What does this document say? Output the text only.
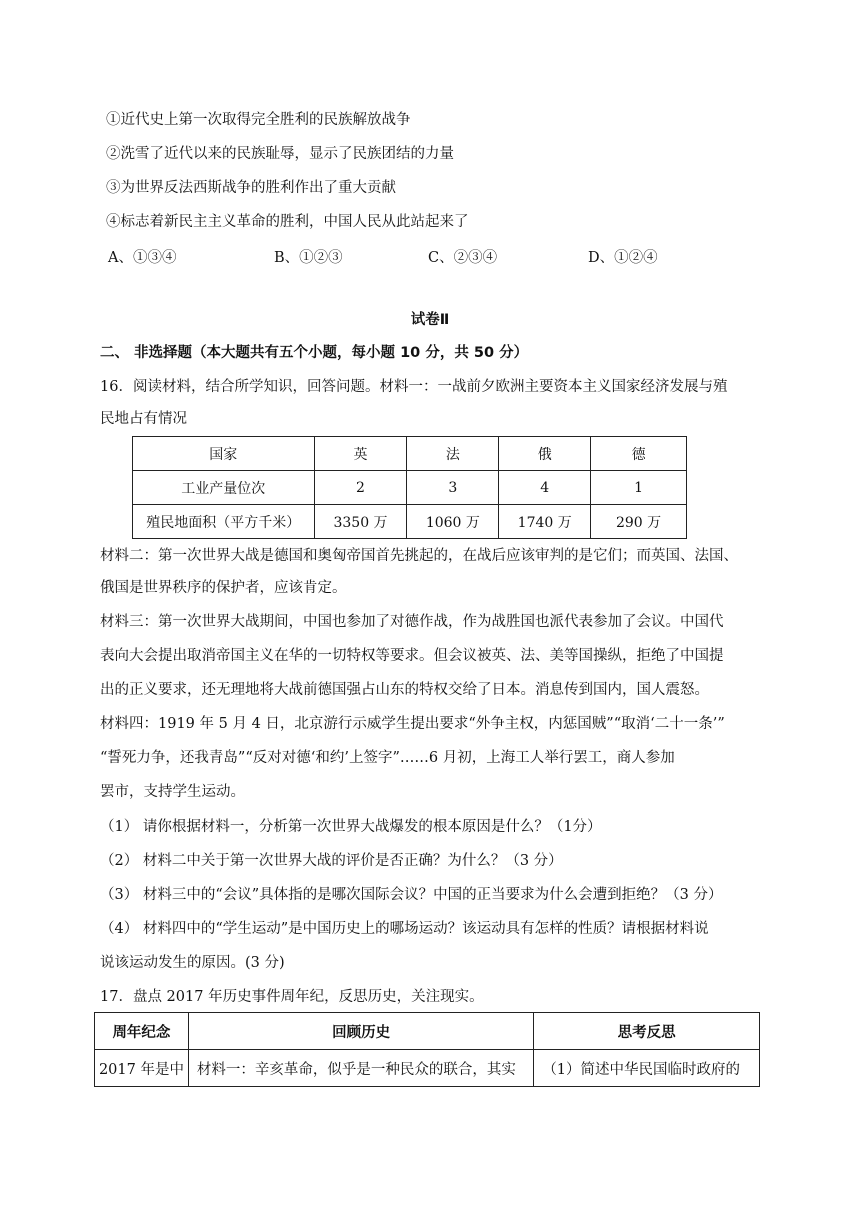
①近代史上第一次取得完全胜利的民族解放战争
②洗雪了近代以来的民族耻辱，显示了民族团结的力量
③为世界反法西斯战争的胜利作出了重大贡献
④标志着新民主主义革命的胜利，中国人民从此站起来了
A、①③④	B、①②③	C、②③④	D、①②④
试卷Ⅱ
二、 非选择题（本大题共有五个小题，每小题 10 分，共 50 分）
16．阅读材料，结合所学知识，回答问题。材料一：一战前夕欧洲主要资本主义国家经济发展与殖
民地占有情况
国家	英	法	俄	德
工业产量位次	2	3	4	1
殖民地面积（平方千米）	3350 万	1060 万	1740 万	290 万
材料二：第一次世界大战是德国和奥匈帝国首先挑起的，在战后应该审判的是它们；而英国、法国、
俄国是世界秩序的保护者，应该肯定。
材料三：第一次世界大战期间，中国也参加了对德作战，作为战胜国也派代表参加了会议。中国代
表向大会提出取消帝国主义在华的一切特权等要求。但会议被英、法、美等国操纵，拒绝了中国提
出的正义要求，还无理地将大战前德国强占山东的特权交给了日本。消息传到国内，国人震怒。
材料四：1919 年 5 月 4 日，北京游行示威学生提出要求“外争主权，内惩国贼”“取消‘二十一条’”
“誓死力争，还我青岛”“反对对德‘和约’上签字”……6 月初，上海工人举行罢工，商人参加
罢市，支持学生运动。
（1） 请你根据材料一，分析第一次世界大战爆发的根本原因是什么？（1分）
（2） 材料二中关于第一次世界大战的评价是否正确？为什么？（3 分）
（3） 材料三中的“会议”具体指的是哪次国际会议？中国的正当要求为什么会遭到拒绝？（3 分）
（4） 材料四中的“学生运动”是中国历史上的哪场运动？该运动具有怎样的性质？请根据材料说
说该运动发生的原因。(3 分)
17．盘点 2017 年历史事件周年纪，反思历史，关注现实。
周年纪念	回顾历史	思考反思
2017 年是中	材料一：辛亥革命，似乎是一种民众的联合，其实	（1）简述中华民国临时政府的
